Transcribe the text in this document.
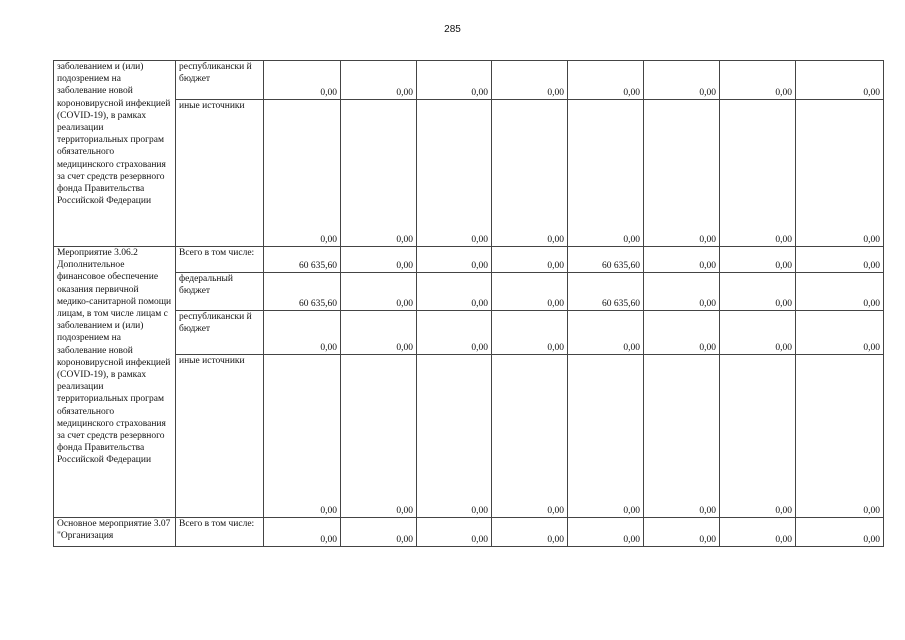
285
заболеванием и (или) подозрением на заболевание новой короновирусной инфекцией (COVID-19), в рамках реализации территориальных програм обязательного медицинского страхования за счет средств резервного фонда Правительства Российской Федерации	республикански й бюджет	0,00	0,00	0,00	0,00	0,00	0,00	0,00	0,00
	иные источники	0,00	0,00	0,00	0,00	0,00	0,00	0,00	0,00
Мероприятие 3.06.2 Дополнительное финансовое обеспечение оказания первичной медико-санитарной помощи лицам, в том числе лицам с заболеванием и (или) подозрением на заболевание новой короновирусной инфекцией (COVID-19), в рамках реализации территориальных програм обязательного медицинского страхования за счет средств резервного фонда Правительства Российской Федерации	Всего в том числе:	60 635,60	0,00	0,00	0,00	60 635,60	0,00	0,00	0,00
	федеральный бюджет	60 635,60	0,00	0,00	0,00	60 635,60	0,00	0,00	0,00
	республикански й бюджет	0,00	0,00	0,00	0,00	0,00	0,00	0,00	0,00
	иные источники	0,00	0,00	0,00	0,00	0,00	0,00	0,00	0,00
Основное мероприятие 3.07 "Организация	Всего в том числе:	0,00	0,00	0,00	0,00	0,00	0,00	0,00	0,00
